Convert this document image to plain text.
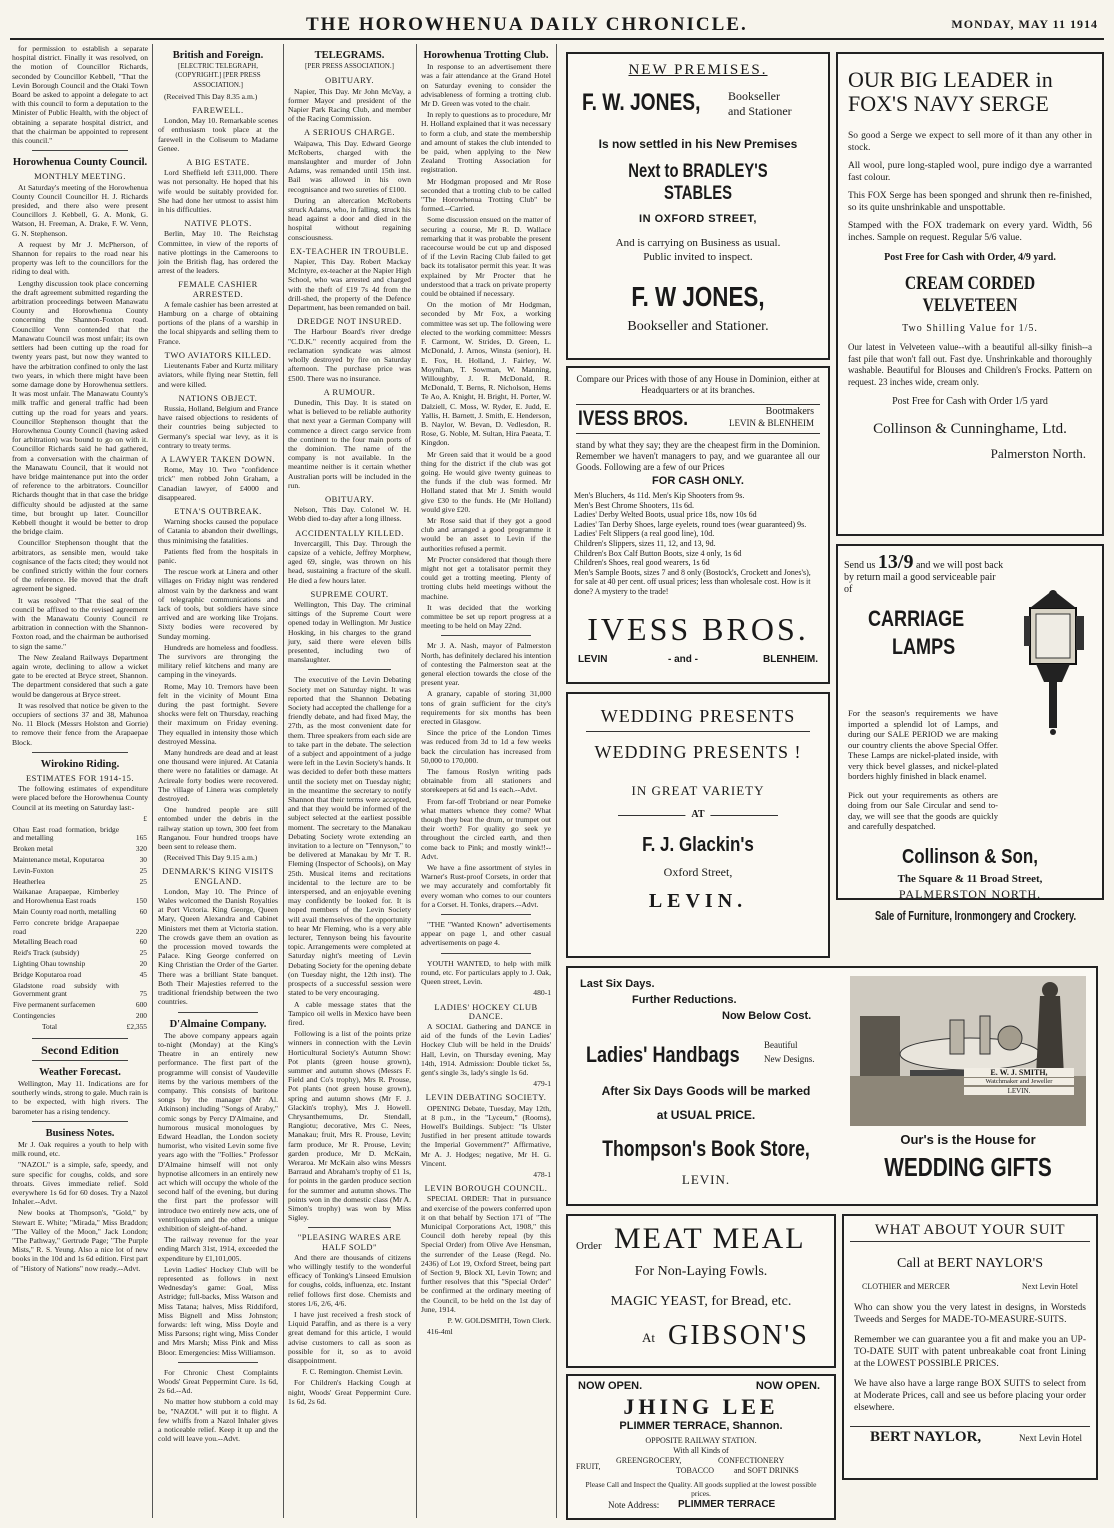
THE HOROWHENUA DAILY CHRONICLE.	MONDAY, MAY 11 1914

for permission to establish a separate hospital district. Finally it was resolved, on the motion of Councillor Richards, seconded by Councillor Kebbell, "That the Levin Borough Council and the Otaki Town Board be asked to appoint a delegate to act with this council to form a deputation to the Minister of Public Health, with the object of obtaining a separate hospital district, and that the chairman be appointed to represent this council."

Horowhenua County Council.
MONTHLY MEETING.

At Saturday's meeting of the Horowhenua County Council Councillor H. J. Richards presided, and there also were present Councillors J. Kebbell, G. A. Monk, G. Watson, H. Freeman, A. Drake, F. W. Venn, G. N. Stephenson.

A request by Mr J. McPherson, of Shannon for repairs to the road near his property was left to the councillors for the riding to deal with.

Lengthy discussion took place concerning the draft agreement submitted regarding the arbitration proceedings between Manawatu County and Horowhenua County concerning the Shannon-Foxton road. Councillor Venn contended that the Manawatu Council was most unfair; its own settlers had been cutting up the road for twenty years past, but now they wanted to have the arbitration confined to only the last two years, in which there might have been some damage done by Horowhenua settlers. It was most unfair. The Manawatu County's milk traffic and general traffic had been cutting up the road for years and years. Councillor Stephenson thought that the Horowhenua County Council (having asked for arbitration) was bound to go on with it. Councillor Richards said he had gathered, from a conversation with the chairman of the Manawatu Council, that it would not have bridge maintenance put into the order of reference to the arbitrators. Councillor Richards thought that in that case the bridge difficulty should be adjusted at the same time, but brought up later. Councillor Kebbell thought it would be better to drop the bridge claim.

Councillor Stephenson thought that the arbitrators, as sensible men, would take cognisance of the facts cited; they would not be confined strictly within the four corners of the reference. He moved that the draft agreement be signed.

It was resolved "That the seal of the council be affixed to the revised agreement with the Manawatu County Council re arbitration in connection with the Shannon-Foxton road, and the chairman be authorised to sign the same."

The New Zealand Railways Department again wrote, declining to allow a wicket gate to be erected at Bryce street, Shannon. The department considered that such a gate would be dangerous at Bryce street.

It was resolved that notice be given to the occupiers of sections 37 and 38, Mahunoa No. 11 Block (Messrs Holston and Gorrie) to remove their fence from the Arapaepae Block.

Wirokino Riding.
ESTIMATES FOR 1914-15.

The following estimates of expenditure were placed before the Horowhenua County Council at its meeting on Saturday last:-

	£
Ohau East road formation, bridge and metalling	165
Broken metal	320
Maintenance metal, Koputaroa	30
Levin-Foxton	25
Heatherlea	25
Waikanae Arapaepae, Kimberley and Horowhenua East roads	150
Main County road north, metalling	60
Ferro concrete bridge Arapaepae road	220
Metalling Beach road	60
Reid's Track (subsidy)	25
Lighting Ohau township	20
Bridge Koputaroa road	45
Gladstone road subsidy with Government grant	75
Five permanent surfacemen	600
Contingencies	200
Total	£2,355
Second Edition
Weather Forecast.

Wellington, May 11. Indications are for southerly winds, strong to gale. Much rain is to be expected, with high rivers. The barometer has a rising tendency.

Business Notes.

Mr J. Oak requires a youth to help with milk round, etc.

"NAZOL" is a simple, safe, speedy, and sure specific for coughs, colds, and sore throats. Gives immediate relief. Sold everywhere 1s 6d for 60 doses. Try a Nazol Inhaler.--Advt.

New books at Thompson's, "Gold," by Stewart E. White; "Mirada," Miss Braddon; "The Valley of the Moon," Jack London; "The Pathway," Gertrude Page; "The Purple Mists," R. S. Yeung. Also a nice lot of new books in the 10d and 1s 6d edition. First part of "History of Nations" now ready.--Advt.

British and Foreign.
[ELECTRIC TELEGRAPH, (COPYRIGHT.] [PER PRESS ASSOCIATION.]

(Received This Day 8.35 a.m.)

FAREWELL.

London, May 10. Remarkable scenes of enthusiasm took place at the farewell in the Coliseum to Madame Genee.

A BIG ESTATE.

Lord Sheffield left £311,000. There was not personalty. He hoped that his wife would be suitably provided for. She had done her utmost to assist him in his difficulties.

NATIVE PLOTS.

Berlin, May 10. The Reichstag Committee, in view of the reports of native plottings in the Cameroons to join the British flag, has ordered the arrest of the leaders.

FEMALE CASHIER ARRESTED.

A female cashier has been arrested at Hamburg on a charge of obtaining portions of the plans of a warship in the local shipyards and selling them to France.

TWO AVIATORS KILLED.

Lieutenants Faber and Kurtz military aviators, while flying near Stettin, fell and were killed.

NATIONS OBJECT.

Russia, Holland, Belgium and France have raised objections to residents of their countries being subjected to Germany's special war levy, as it is contrary to treaty terms.

A LAWYER TAKEN DOWN.

Rome, May 10. Two "confidence trick" men robbed John Graham, a Canadian lawyer, of £4000 and disappeared.

ETNA'S OUTBREAK.

Warning shocks caused the populace of Catania to abandon their dwellings, thus minimising the fatalities.

Patients fled from the hospitals in panic.

The rescue work at Linera and other villages on Friday night was rendered almost vain by the darkness and want of telegraphic communications and lack of tools, but soldiers have since arrived and are working like Trojans. Sixty bodies were recovered by Sunday morning.

Hundreds are homeless and foodless. The survivors are thronging the military relief kitchens and many are camping in the vineyards.

Rome, May 10. Tremors have been felt in the vicinity of Mount Etna during the past fortnight. Severe shocks were felt on Thursday, reaching their maximum on Friday evening. They equalled in intensity those which destroyed Messina.

Many hundreds are dead and at least one thousand were injured. At Catania there were no fatalities or damage. At Acireale forty bodies were recovered. The village of Linera was completely destroyed.

One hundred people are still entombed under the debris in the railway station up town, 300 feet from Ranganou. Four hundred troops have been sent to release them.

(Received This Day 9.15 a.m.)

DENMARK'S KING VISITS ENGLAND.

London, May 10. The Prince of Wales welcomed the Danish Royalties at Port Victoria. King George, Queen Mary, Queen Alexandra and Cabinet Ministers met them at Victoria station. The crowds gave them an ovation as the procession moved towards the Palace. King George conferred on King Christian the Order of the Garter. There was a brilliant State banquet. Both Their Majesties referred to the traditional friendship between the two countries.

D'Almaine Company.

The above company appears again to-night (Monday) at the King's Theatre in an entirely new performance. The first part of the programme will consist of Vaudeville items by the various members of the company. This consists of baritone songs by the manager (Mr Al. Atkinson) including "Songs of Araby," comic songs by Percy D'Almaine, and humorous musical monologues by Edward Headlan, the London society humorist, who visited Levin some five years ago with the "Follies." Professor D'Almaine himself will not only hypnotise allcomers in an entirely new act which will occupy the whole of the second half of the evening, but during the first part the professor will introduce two entirely new acts, one of ventriloquism and the other a unique exhibition of sleight-of-hand.

The railway revenue for the year ending March 31st, 1914, exceeded the expenditure by £1,101,005.

Levin Ladies' Hockey Club will be represented as follows in next Wednesday's game: Goal, Miss Astridge; full-backs, Miss Watson and Miss Tatana; halves, Miss Riddiford, Miss Bignell and Miss Johnston; forwards: left wing, Miss Doyle and Miss Parsons; right wing, Miss Conder and Mrs Marsh; Miss Pink and Miss Bloor. Emergencies: Miss Williamson.

For Chronic Chest Complaints Woods' Great Peppermint Cure. 1s 6d, 2s 6d.--Ad.

No matter how stubborn a cold may be, "NAZOL" will put it to flight. A few whiffs from a Nazol Inhaler gives a noticeable relief. Keep it up and the cold will leave you.--Advt.

TELEGRAMS.
[PER PRESS ASSOCIATION.]
OBITUARY.

Napier, This Day. Mr John McVay, a former Mayor and president of the Napier Park Racing Club, and member of the Racing Commission.

A SERIOUS CHARGE.

Waipawa, This Day. Edward George McRoberts, charged with the manslaughter and murder of John Adams, was remanded until 15th inst. Bail was allowed in his own recognisance and two sureties of £100.

During an altercation McRoberts struck Adams, who, in falling, struck his head against a door and died in the hospital without regaining consciousness.

EX-TEACHER IN TROUBLE.

Napier, This Day. Robert Mackay McIntyre, ex-teacher at the Napier High School, who was arrested and charged with the theft of £19 7s 4d from the drill-shed, the property of the Defence Department, has been remanded on bail.

DREDGE NOT INSURED.

The Harbour Board's river dredge "C.D.K." recently acquired from the reclamation syndicate was almost wholly destroyed by fire on Saturday afternoon. The purchase price was £500. There was no insurance.

A RUMOUR.

Dunedin, This Day. It is stated on what is believed to be reliable authority that next year a German Company will commence a direct cargo service from the continent to the four main ports of the dominion. The name of the company is not available. In the meantime neither is it certain whether Australian ports will be included in the run.

OBITUARY.

Nelson, This Day. Colonel W. H. Webb died to-day after a long illness.

ACCIDENTALLY KILLED.

Invercargill, This Day. Through the capsize of a vehicle, Jeffrey Morphew, aged 69, single, was thrown on his head, sustaining a fracture of the skull. He died a few hours later.

SUPREME COURT.

Wellington, This Day. The criminal sittings of the Supreme Court were opened today in Wellington. Mr Justice Hosking, in his charges to the grand jury, said there were eleven bills presented, including two of manslaughter.

The executive of the Levin Debating Society met on Saturday night. It was reported that the Shannon Debating Society had accepted the challenge for a friendly debate, and had fixed May, the 27th, as the most convenient date for them. Three speakers from each side are to take part in the debate. The selection of a subject and appointment of a judge were left in the Levin Society's hands. It was decided to defer both these matters until the society met on Tuesday night; in the meantime the secretary to notify Shannon that their terms were accepted, and that they would be informed of the subject selected at the earliest possible moment. The secretary to the Manakau Debating Society wrote extending an invitation to a lecture on "Tennyson," to be delivered at Manakau by Mr T. R. Fleming (Inspector of Schools), on May 25th. Musical items and recitations incidental to the lecture are to be interspersed, and an enjoyable evening may confidently be looked for. It is hoped members of the Levin Society will avail themselves of the opportunity to hear Mr Fleming, who is a very able lecturer, Tennyson being his favourite topic. Arrangements were completed at Saturday night's meeting of Levin Debating Society for the opening debate (on Tuesday night, the 12th inst). The prospects of a successful session were stated to be very encouraging.

A cable message states that the Tampico oil wells in Mexico have been fired.

Following is a list of the points prize winners in connection with the Levin Horticultural Society's Autumn Show: Pot plants (green house grown), summer and autumn shows (Messrs F. Field and Co's trophy), Mrs R. Prouse, Pot plants (not green house grown), spring and autumn shows (Mr F. J. Glackin's trophy), Mrs J. Howell. Chrysanthemums, Dr. Stendall, Rangiotu; decorative, Mrs C. Nees, Manakau; fruit, Mrs R. Prouse, Levin; farm produce, Mr R. Prouse, Levin; garden produce, Mr D. McKain, Weraroa. Mr McKain also wins Messrs Barraud and Abraham's trophy of £1 1s, for points in the garden produce section for the summer and autumn shows. The points won in the domestic class (Mr A. Simon's trophy) was won by Miss Sigley.

"PLEASING WARES ARE HALF SOLD"

And there are thousands of citizens who willingly testify to the wonderful efficacy of Tonking's Linseed Emulsion for coughs, colds, influenza, etc. Instant relief follows first dose. Chemists and stores 1/6, 2/6, 4/6.

I have just received a fresh stock of Liquid Paraffin, and as there is a very great demand for this article, I would advise customers to call as soon as possible for it, so as to avoid disappointment.

F. C. Remington. Chemist Levin.

For Children's Hacking Cough at night, Woods' Great Peppermint Cure. 1s 6d, 2s 6d.

Horowhenua Trotting Club.

In response to an advertisement there was a fair attendance at the Grand Hotel on Saturday evening to consider the advisableness of forming a trotting club. Mr D. Green was voted to the chair.

In reply to questions as to procedure, Mr H. Holland explained that it was necessary to form a club, and state the membership and amount of stakes the club intended to be paid, when applying to the New Zealand Trotting Association for registration.

Mr Hodgman proposed and Mr Rose seconded that a trotting club to be called "The Horowhenua Trotting Club" be formed.--Carried.

Some discussion ensued on the matter of securing a course, Mr R. D. Wallace remarking that it was probable the present racecourse would be cut up and disposed of if the Levin Racing Club failed to get back its totalisator permit this year. It was explained by Mr Procter that he understood that a track on private property could be obtained if necessary.

On the motion of Mr Hodgman, seconded by Mr Fox, a working committee was set up. The following were elected to the working committee: Messrs F. Carmont, W. Strides, D. Green, L. McDonald, J. Arnos, Winsta (senior), H. E. Fox, H. Holland, J. Fairley, W. Moynihan, T. Sowman, W. Manning, Willoughby, J. R. McDonald, R. McDonald, T. Berns, R. Nicholson, Hems Te Ao, A. Knight, H. Bright, H. Porter, W. Dalziell, C. Moss, W. Ryder, E. Judd, E. Yallis, H. Barnett, J. Smith, E. Henderson, B. Naylor, W. Bevan, D. Vedlesdon, R. Rose, G. Noble, M. Sultan, Hira Paeata, T. Kingdon.

Mr Green said that it would be a good thing for the district if the club was got going. He would give twenty guineas to the funds if the club was formed. Mr Holland stated that Mr J. Smith would give £30 to the funds. He (Mr Holland) would give £20.

Mr Rose said that if they got a good club and arranged a good programme it would be an asset to Levin if the authorities refused a permit.

Mr Procter considered that though there might not get a totalisator permit they could get a trotting meeting. Plenty of trotting clubs held meetings without the machine.

It was decided that the working committee be set up report progress at a meeting to be held on May 22nd.

Mr J. A. Nash, mayor of Palmerston North, has definitely declared his intention of contesting the Palmerston seat at the general election towards the close of the present year.

A granary, capable of storing 31,000 tons of grain sufficient for the city's requirements for six months has been erected in Glasgow.

Since the price of the London Times was reduced from 3d to 1d a few weeks back the circulation has increased from 50,000 to 170,000.

The famous Roslyn writing pads obtainable from all stationers and storekeepers at 6d and 1s each.--Advt.

From far-off Trobriand or near Pomeke what matters whence they come? What though they beat the drum, or trumpet out their worth? For quality go seek ye throughout the circled earth, and then come back to Pink; and mostly wink!!--Advt.

We have a fine assortment of styles in Warner's Rust-proof Corsets, in order that we may accurately and comfortably fit every woman who comes to our counters for a Corset. H. Tonks, drapers.--Advt.

"THE "Wanted Known" advertisements appear on page 1, and other casual advertisements on page 4.

YOUTH WANTED, to help with milk round, etc. For particulars apply to J. Oak, Queen street, Levin.

480-1

LADIES' HOCKEY CLUB DANCE.

A SOCIAL Gathering and DANCE in aid of the funds of the Levin Ladies' Hockey Club will be held in the Druids' Hall, Levin, on Thursday evening, May 14th, 1914. Admission: Double ticket 5s, gent's single 3s, lady's single 1s 6d.

479-1

LEVIN DEBATING SOCIETY.

OPENING Debate, Tuesday, May 12th, at 8 p.m., in the "Lyceum," (Rooms), Howell's Buildings. Subject: "Is Ulster Justified in her present attitude towards the Imperial Government?" Affirmative, Mr A. J. Hodges; negative, Mr H. G. Vincent.

478-1

LEVIN BOROUGH COUNCIL.

SPECIAL ORDER: That in pursuance and exercise of the powers conferred upon it on that behalf by Section 171 of "The Municipal Corporations Act, 1908," this Council doth hereby repeal (by this Special Order) from Olive Ave Hensman, the surrender of the Lease (Regd. No. 2436) of Lot 19, Oxford Street, being part of Section 9, Block XI, Levin Town; and further resolves that this "Special Order" be confirmed at the ordinary meeting of the Council, to be held on the 1st day of June, 1914.

P. W. GOLDSMITH, Town Clerk.

416-4ml

NEW PREMISES.
F. W. JONES, Bookseller
and Stationer
Is now settled in his New Premises
Next to BRADLEY'S STABLES
IN OXFORD STREET,
And is carrying on Business as usual.
Public invited to inspect.
F. W JONES,
Bookseller and Stationer.
OUR BIG LEADER in
FOX'S NAVY SERGE
So good a Serge we expect to sell more of it than any other in stock.
All wool, pure long-stapled wool, pure indigo dye a warranted fast colour.
This FOX Serge has been sponged and shrunk then re-finished, so its quite unshrinkable and unspottable.
Stamped with the FOX trademark on every yard. Width, 56 inches. Sample on request. Regular 5/6 value.
Post Free for Cash with Order, 4/9 yard.
CREAM CORDED VELVETEEN
Two Shilling Value for 1/5.
Our latest in Velveteen value--with a beautiful all-silky finish--a fast pile that won't fall out. Fast dye. Unshrinkable and thoroughly washable. Beautiful for Blouses and Children's Frocks. Pattern on request. 23 inches wide, cream only.
Post Free for Cash with Order 1/5 yard
Collinson & Cunninghame, Ltd.
Palmerston North.
Compare our Prices with those of any House in Dominion, either at Headquarters or at its branches.
IVESS BROS.	Bootmakers
LEVIN & BLENHEIM
stand by what they say; they are the cheapest firm in the Dominion. Remember we haven't managers to pay, and we guarantee all our Goods. Following are a few of our Prices
FOR CASH ONLY.
Men's Bluchers, 4s 11d. Men's Kip Shooters from 9s.
Men's Best Chrome Shooters, 11s 6d.
Ladies' Derby Welted Boots, usual price 18s, now 10s 6d
Ladies' Tan Derby Shoes, large eyelets, round toes (wear guaranteed) 9s.
Ladies' Felt Slippers (a real good line), 10d.
Children's Slippers, sizes 11, 12, and 13, 9d.
Children's Box Calf Button Boots, size 4 only, 1s 6d
Children's Shoes, real good wearers, 1s 6d
Men's Sample Boots, sizes 7 and 8 only (Bostock's, Crockett and Jones's), for sale at 40 per cent. off usual prices; less than wholesale cost. How is it done? A mystery to the trade!
IVESS BROS.
LEVIN	- and -	BLENHEIM.
Send us 13/9 and we will post back by return mail a good serviceable pair of
CARRIAGE
LAMPS
For the season's requirements we have imported a splendid lot of Lamps, and during our SALE PERIOD we are making our country clients the above Special Offer. These Lamps are nickel-plated inside, with very thick bevel glasses, and nickel-plated borders highly finished in black enamel.
Pick out your requirements as others are doing from our Sale Circular and send to-day, we will see that the goods are quickly and carefully despatched.
Collinson & Son,
The Square & 11 Broad Street,
PALMERSTON NORTH.
Sale of Furniture, Ironmongery and Crockery.
WEDDING PRESENTS
WEDDING PRESENTS !
IN GREAT VARIETY
AT
F. J. Glackin's
Oxford Street,
LEVIN.
Last Six Days.
Further Reductions.
Now Below Cost.
Ladies' Handbags	Beautiful
New Designs.
After Six Days Goods will be marked
at USUAL PRICE.
Thompson's Book Store,
LEVIN.
E. W. J. SMITH,
Watchmaker and Jeweller
LEVIN.
Our's is the House for
WEDDING GIFTS
WHAT ABOUT YOUR SUIT
Call at BERT NAYLOR'S
CLOTHIER and MERCER	Next Levin Hotel
Who can show you the very latest in designs, in Worsteds Tweeds and Serges for MADE-TO-MEASURE-SUITS.
Remember we can guarantee you a fit and make you an UP-TO-DATE SUIT with patent unbreakable coat front Lining at the LOWEST POSSIBLE PRICES.
We have also have a large range BOX SUITS to select from at Moderate Prices, call and see us before placing your order elsewhere.
BERT NAYLOR,	Next Levin Hotel
Order MEAT MEAL
For Non-Laying Fowls.
MAGIC YEAST, for Bread, etc.
At GIBSON'S
NOW OPEN.	NOW OPEN.
JHING LEE
PLIMMER TERRACE, Shannon.
OPPOSITE RAILWAY STATION.
With all Kinds of
FRUIT,
GREENGROCERY,	CONFECTIONERY
TOBACCO and SOFT DRINKS
Please Call and Inspect the Quality. All goods supplied at the lowest possible prices.
Note Address: PLIMMER TERRACE
